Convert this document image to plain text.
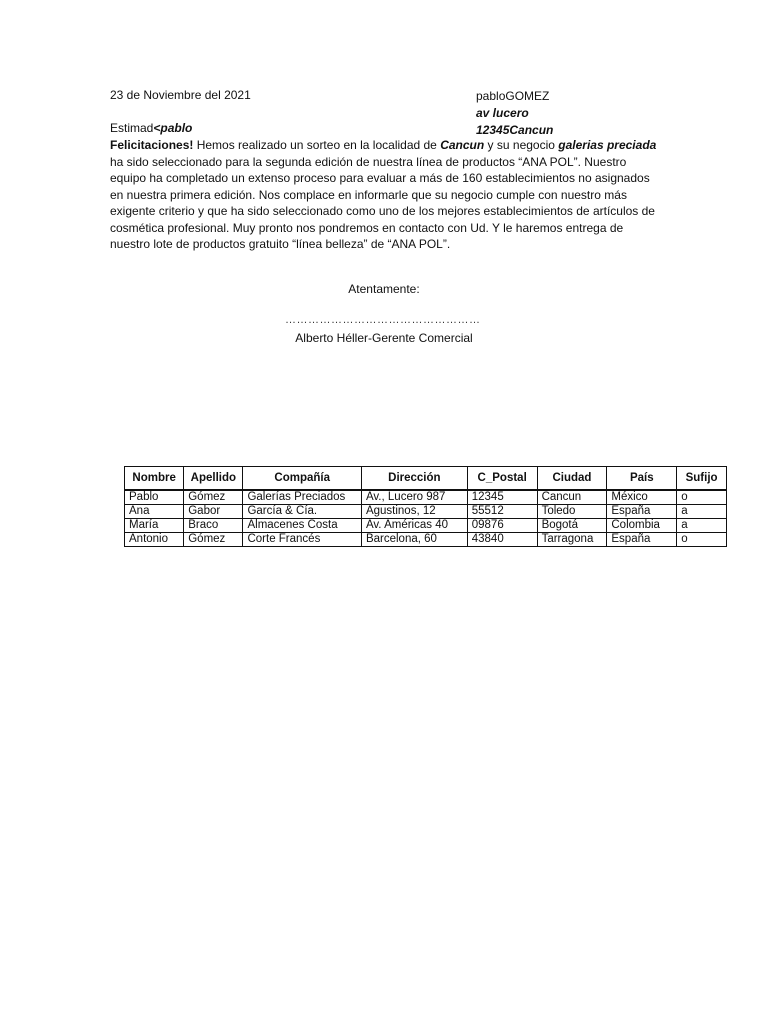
23 de Noviembre del 2021	pabloGOMEZ
av lucero
12345Cancun
Estimad<pablo
Felicitaciones! Hemos realizado un sorteo en la localidad de Cancun y su negocio galerias preciada ha sido seleccionado para la segunda edición de nuestra línea de productos “ANA POL”. Nuestro equipo ha completado un extenso proceso para evaluar a más de 160 establecimientos no asignados en nuestra primera edición. Nos complace en informarle que su negocio cumple con nuestro más exigente criterio y que ha sido seleccionado como uno de los mejores establecimientos de artículos de cosmética profesional. Muy pronto nos pondremos en contacto con Ud. Y le haremos entrega de nuestro lote de productos gratuito “línea belleza” de “ANA POL”.
Atentamente:
……………………………………………
Alberto Héller-Gerente Comercial
Nombre	Apellido	Compañía	Dirección	C_Postal	Ciudad	País	Sufijo
Pablo	Gómez	Galerías Preciados	Av., Lucero 987	12345	Cancun	México	o
Ana	Gabor	García & Cía.	Agustinos, 12	55512	Toledo	España	a
María	Braco	Almacenes Costa	Av. Américas 40	09876	Bogotá	Colombia	a
Antonio	Gómez	Corte Francés	Barcelona, 60	43840	Tarragona	España	o
